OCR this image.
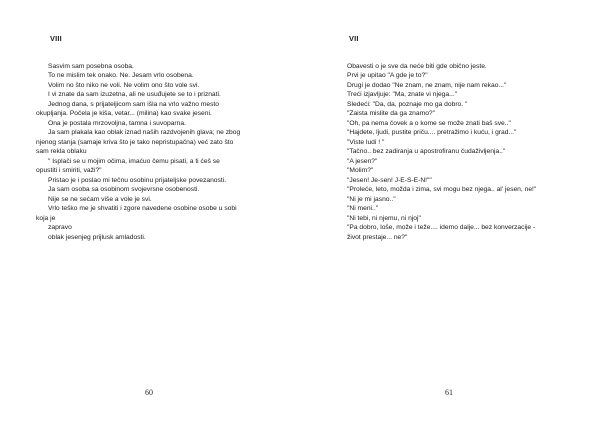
VIII
Sasvim sam posebna osoba.
To ne mislim tek onako. Ne. Jesam vrlo osobena.
Volim no što niko ne voli. Ne volim ono što vole svi.
I vi znate da sam izuzetna, ali ne usuđujete se to i priznati.
Jednog dana, s prijateljicom sam išla na vrlo važno mesto
okupljanja. Počela je kiša, vetar... (milina) kao svake jeseni.
Ona je postala mrzovoljna, tamna i suvoparna.
Ja sam plakala kao oblak iznad naših razdvojenih glava; ne zbog
njenog stanja (samaje kriva što je tako nepristupačna) već zato što
sam rekla oblaku
" Isplači se u mojim očima, imaćuo čemu pisati, a ti ćeš se
opustiti i smiriti, važi?"
Pristao je i poslao mi tečnu osobinu prijateljske povezanosti.
Ja sam osoba sa osobinom svojevrsne osobenosti.
Nije se ne sećam više a vole je svi.
Vrlo teško me je shvatiti i zgore navedene osobine osobe u sobi
koja je
zapravo
oblak jesenjeg prijlusk amladosti.
60
VII
Obavesti o je sve da neće biti gde obično jeste.
Prvi je upitao "A gde je to?"
Drugi je dodao "Ne znam, ne znam, nije nam rekao..."
Treći izjavljuje: "Ma, znate vi njega..."
Sledeći: "Da, da, poznaje mo ga dobro. "
"Zaista mislite da ga znamo?"
"Oh, pa nema čovek a o kome se može znati baš sve.."
"Hajdete, ljudi, pustite priču.... pretražimo i kuću, i grad..."
"Viste ludi ! "
"Tačno.. bez zadiranja u apostrofiranu čudaživljenja.."
"A jesen?"
"Molim?"
"Jesen! Je-sen! J-E-S-E-N!""
"Proleće, leto, možda i zima, svi mogu bez njega.. al' jesen, ne!"
"Ni je mi jasno.."
"Ni meni.."
"Ni tebi, ni njemu, ni njoj"
"Pa dobro, loše, može i teže.... idemo dalje... bez konverzacije -
život prestaje... ne?"
61
